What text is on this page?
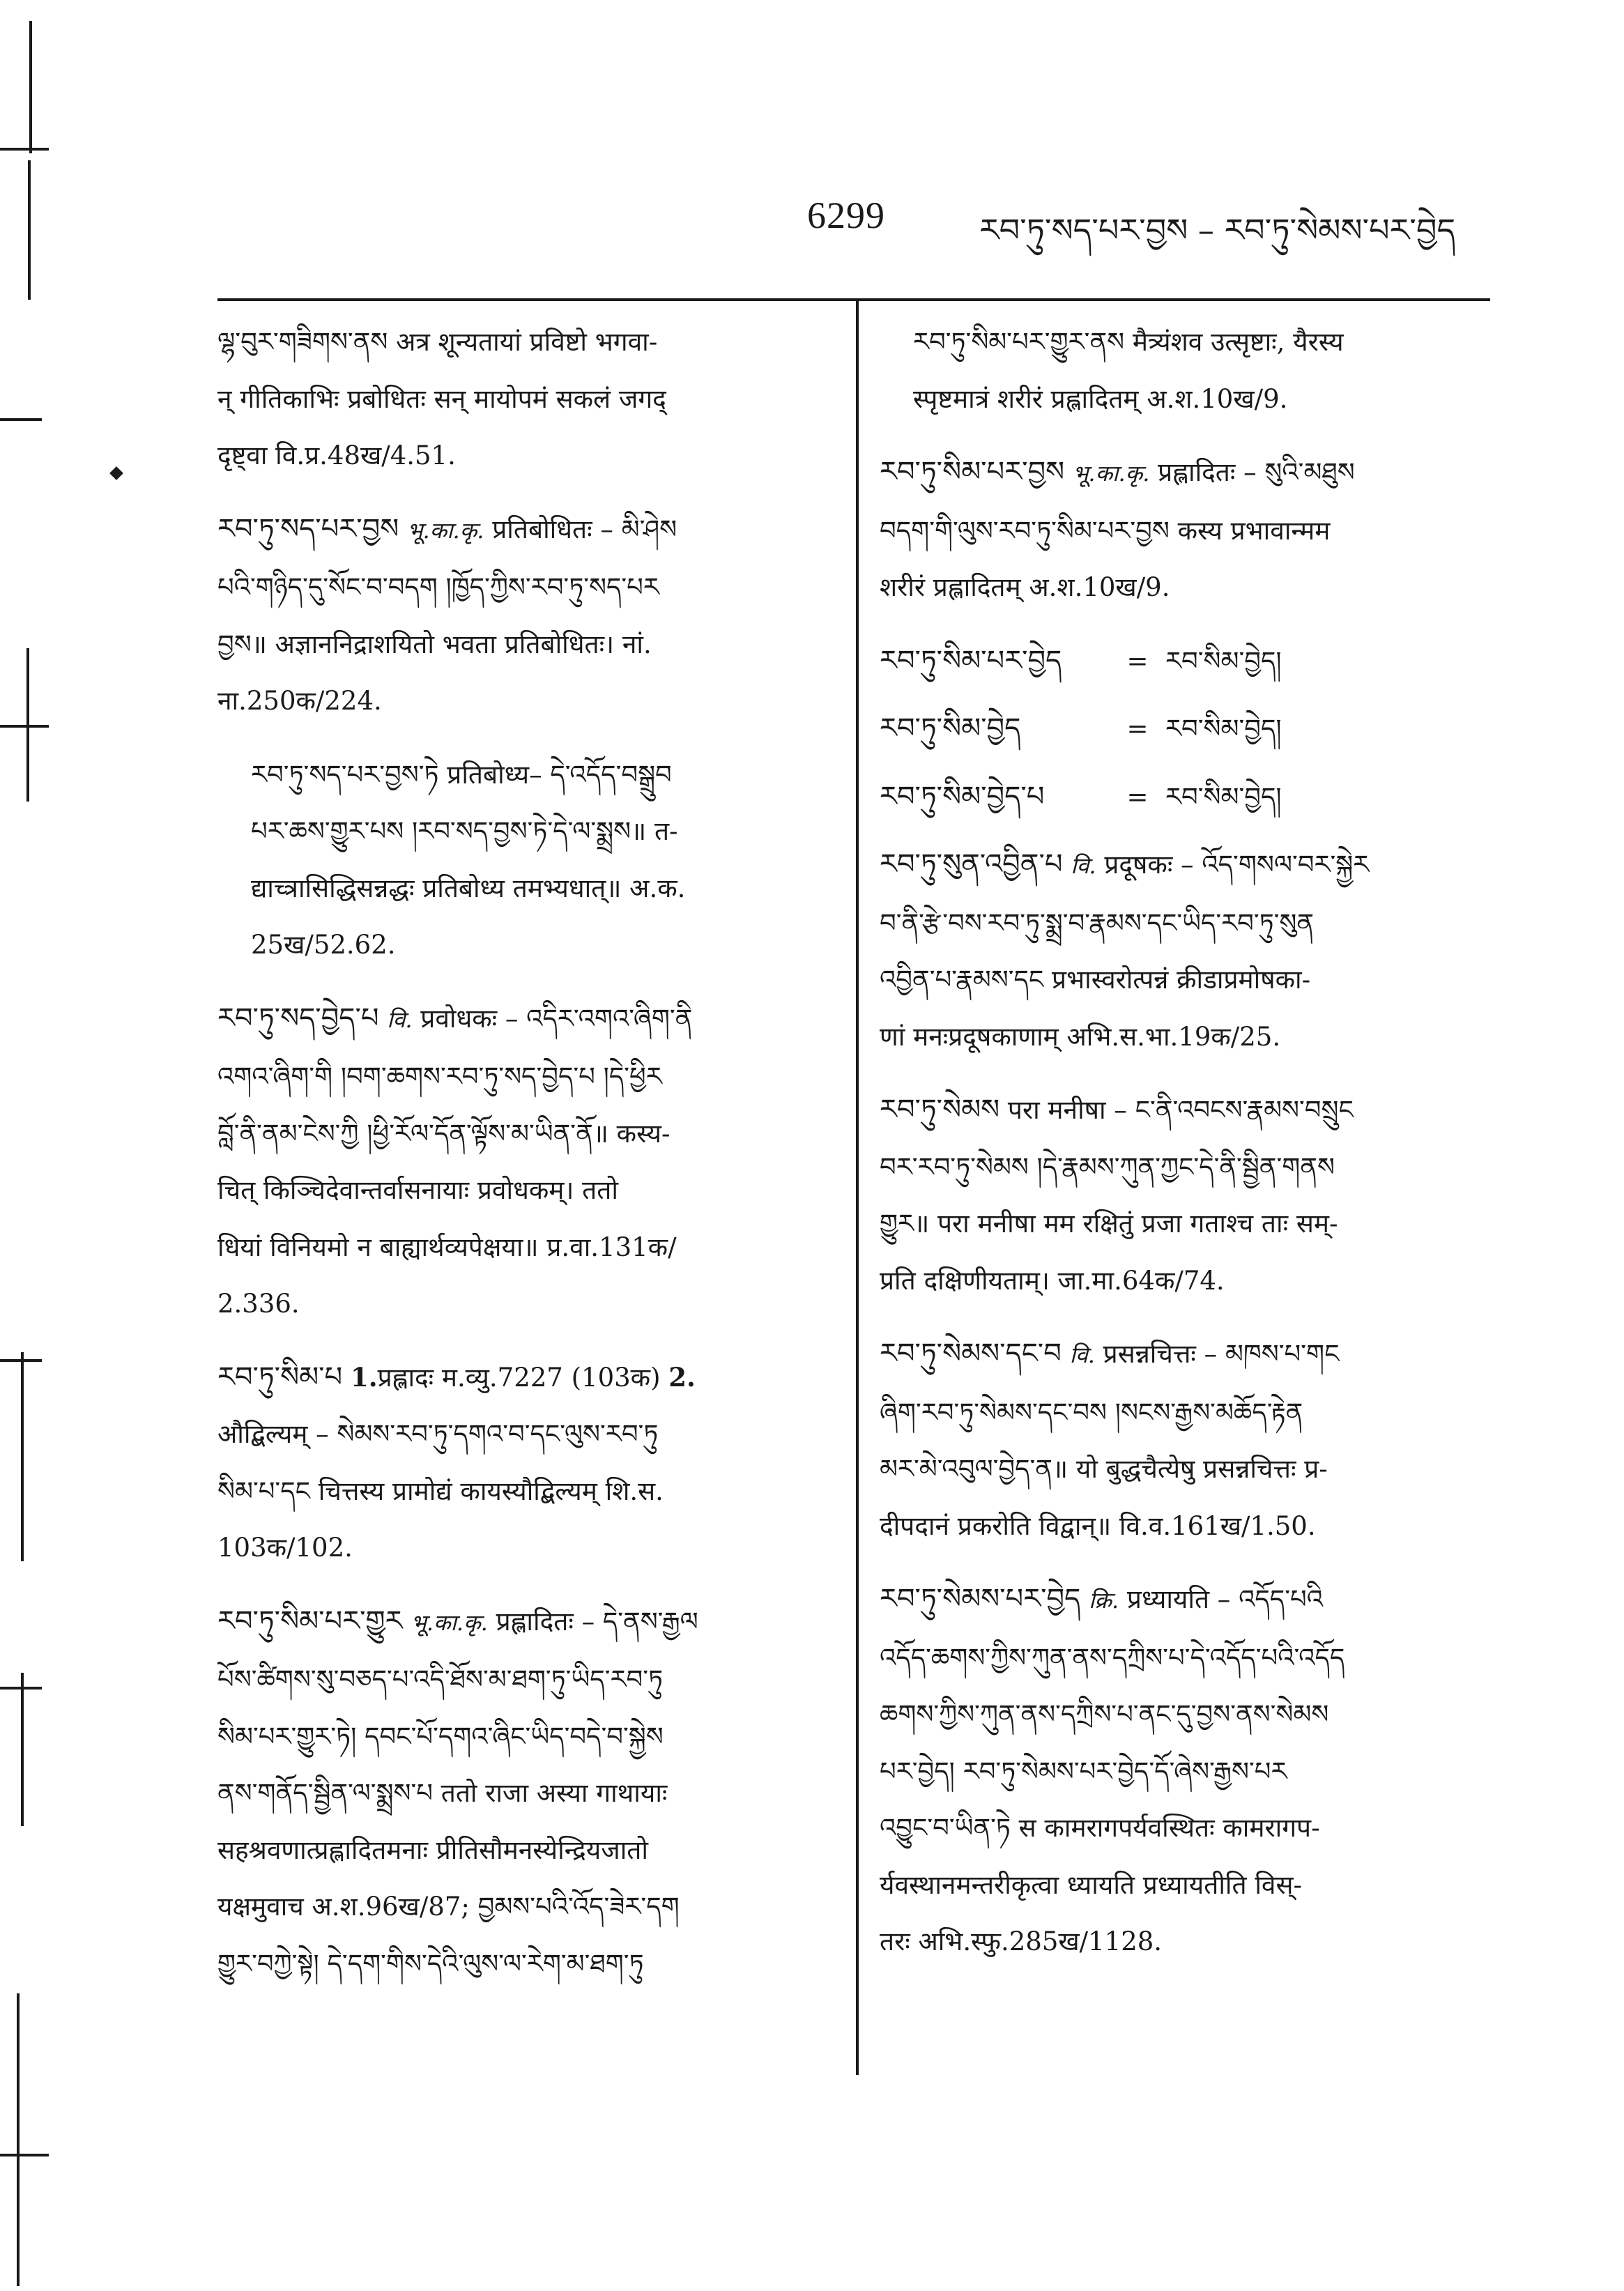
6299	རབ་ཏུ་སད་པར་བྱས – རབ་ཏུ་སེམས་པར་བྱེད

ལྷ་བུར་གཟིགས་ནས अत्र शून्यतायां प्रविष्टो भगवा-

न् गीतिकाभिः प्रबोधितः सन् मायोपमं सकलं जगद्

दृष्ट्वा वि.प्र.48ख/4.51.

རབ་ཏུ་སད་པར་བྱས भू.का.कृ. प्रतिबोधितः – མི་ཤེས

པའི་གཉིད་དུ་སོང་བ་བདག །ཁྱོད་ཀྱིས་རབ་ཏུ་སད་པར

བྱས॥ अज्ञाननिद्राशयितो भवता प्रतिबोधितः। नां.

ना.250क/224.

རབ་ཏུ་སད་པར་བྱས་ཏེ प्रतिबोध्य– དེ་འདོད་བསྒྲུབ

པར་ཆས་གྱུར་པས །རབ་སད་བྱས་ཏེ་དེ་ལ་སྨྲས॥ त-

द्याच्त्रासिद्धिसन्नद्धः प्रतिबोध्य तमभ्यधात्॥ अ.क.

25ख/52.62.

རབ་ཏུ་སད་བྱེད་པ वि. प्रवोधकः – འདིར་འགའ་ཞིག་ནི

འགའ་ཞིག་གི །བག་ཆགས་རབ་ཏུ་སད་བྱེད་པ །དེ་ཕྱིར

བློ་ནི་ནམ་ངེས་ཀྱི །ཕྱི་རོལ་དོན་ལྟོས་མ་ཡིན་ནོ॥ कस्य-

चित् किञ्चिदेवान्तर्वासनायाः प्रवोधकम्। ततो

धियां विनियमो न बाह्यार्थव्यपेक्षया॥ प्र.वा.131क/

2.336.

རབ་ཏུ་སིམ་པ 1.प्रह्लादः म.व्यु.7227 (103क) 2.

औद्बिल्यम् – སེམས་རབ་ཏུ་དགའ་བ་དང་ལུས་རབ་ཏུ

སིམ་པ་དང चित्तस्य प्रामोद्यं कायस्यौद्बिल्यम् शि.स.

103क/102.

རབ་ཏུ་སིམ་པར་གྱུར भू.का.कृ. प्रह्लादितः – དེ་ནས་རྒྱལ

པོས་ཚིགས་སུ་བཅད་པ་འདི་ཐོས་མ་ཐག་ཏུ་ཡིད་རབ་ཏུ

སིམ་པར་གྱུར་ཏེ། དབང་པོ་དགའ་ཞིང་ཡིད་བདེ་བ་སྐྱེས

ནས་གནོད་སྦྱིན་ལ་སྨྲས་པ ततो राजा अस्या गाथायाः

सहश्रवणात्प्रह्लादितमनाः प्रीतिसौमनस्येन्द्रियजातो

यक्षमुवाच अ.श.96ख/87; བྱམས་པའི་འོད་ཟེར་དག

གྱུར་བཀྱེ་སྟེ། དེ་དག་གིས་དེའི་ལུས་ལ་རེག་མ་ཐག་ཏུ

རབ་ཏུ་སིམ་པར་གྱུར་ནས मैत्र्यंशव उत्सृष्टाः, यैरस्य

स्पृष्टमात्रं शरीरं प्रह्लादितम् अ.श.10ख/9.

རབ་ཏུ་སིམ་པར་བྱས भू.का.कृ. प्रह्लादितः – སུའི་མཐུས

བདག་གི་ལུས་རབ་ཏུ་སིམ་པར་བྱས कस्य प्रभावान्मम

शरीरं प्रह्लादितम् अ.श.10ख/9.

རབ་ཏུ་སིམ་པར་བྱེད	= རབ་སིམ་བྱེད།
རབ་ཏུ་སིམ་བྱེད	= རབ་སིམ་བྱེད།
རབ་ཏུ་སིམ་བྱེད་པ	= རབ་སིམ་བྱེད།

རབ་ཏུ་སུན་འབྱིན་པ वि. प्रदूषकः – འོད་གསལ་བར་སྐྱེར

བ་ནི་རྩེ་བས་རབ་ཏུ་སྨྲ་བ་རྣམས་དང་ཡིད་རབ་ཏུ་སུན

འབྱིན་པ་རྣམས་དང प्रभास्वरोत्पन्नं क्रीडाप्रमोषका-

णां मनःप्रदूषकाणाम् अभि.स.भा.19क/25.

རབ་ཏུ་སེམས परा मनीषा – ང་ནི་འབངས་རྣམས་བསྲུང

བར་རབ་ཏུ་སེམས །དེ་རྣམས་ཀུན་ཀྱང་དེ་ནི་སྦྱིན་གནས

གྱུར॥ परा मनीषा मम रक्षितुं प्रजा गताश्च ताः सम्-

प्रति दक्षिणीयताम्। जा.मा.64क/74.

རབ་ཏུ་སེམས་དང་བ वि. प्रसन्नचित्तः – མཁས་པ་གང

ཞིག་རབ་ཏུ་སེམས་དང་བས །སངས་རྒྱས་མཆོད་རྟེན

མར་མེ་འབུལ་བྱེད་ན॥ यो बुद्धचैत्येषु प्रसन्नचित्तः प्र-

दीपदानं प्रकरोति विद्वान्॥ वि.व.161ख/1.50.

རབ་ཏུ་སེམས་པར་བྱེད क्रि. प्रध्यायति – འདོད་པའི

འདོད་ཆགས་ཀྱིས་ཀུན་ནས་དཀྲིས་པ་དེ་འདོད་པའི་འདོད

ཆགས་ཀྱིས་ཀུན་ནས་དཀྲིས་པ་ནང་དུ་བྱས་ནས་སེམས

པར་བྱེད། རབ་ཏུ་སེམས་པར་བྱེད་དོ་ཞེས་རྒྱས་པར

འབྱུང་བ་ཡིན་ཏེ स कामरागपर्यवस्थितः कामरागप-

र्यवस्थानमन्तरीकृत्वा ध्यायति प्रध्यायतीति विस्-

तरः अभि.स्फु.285ख/1128.
